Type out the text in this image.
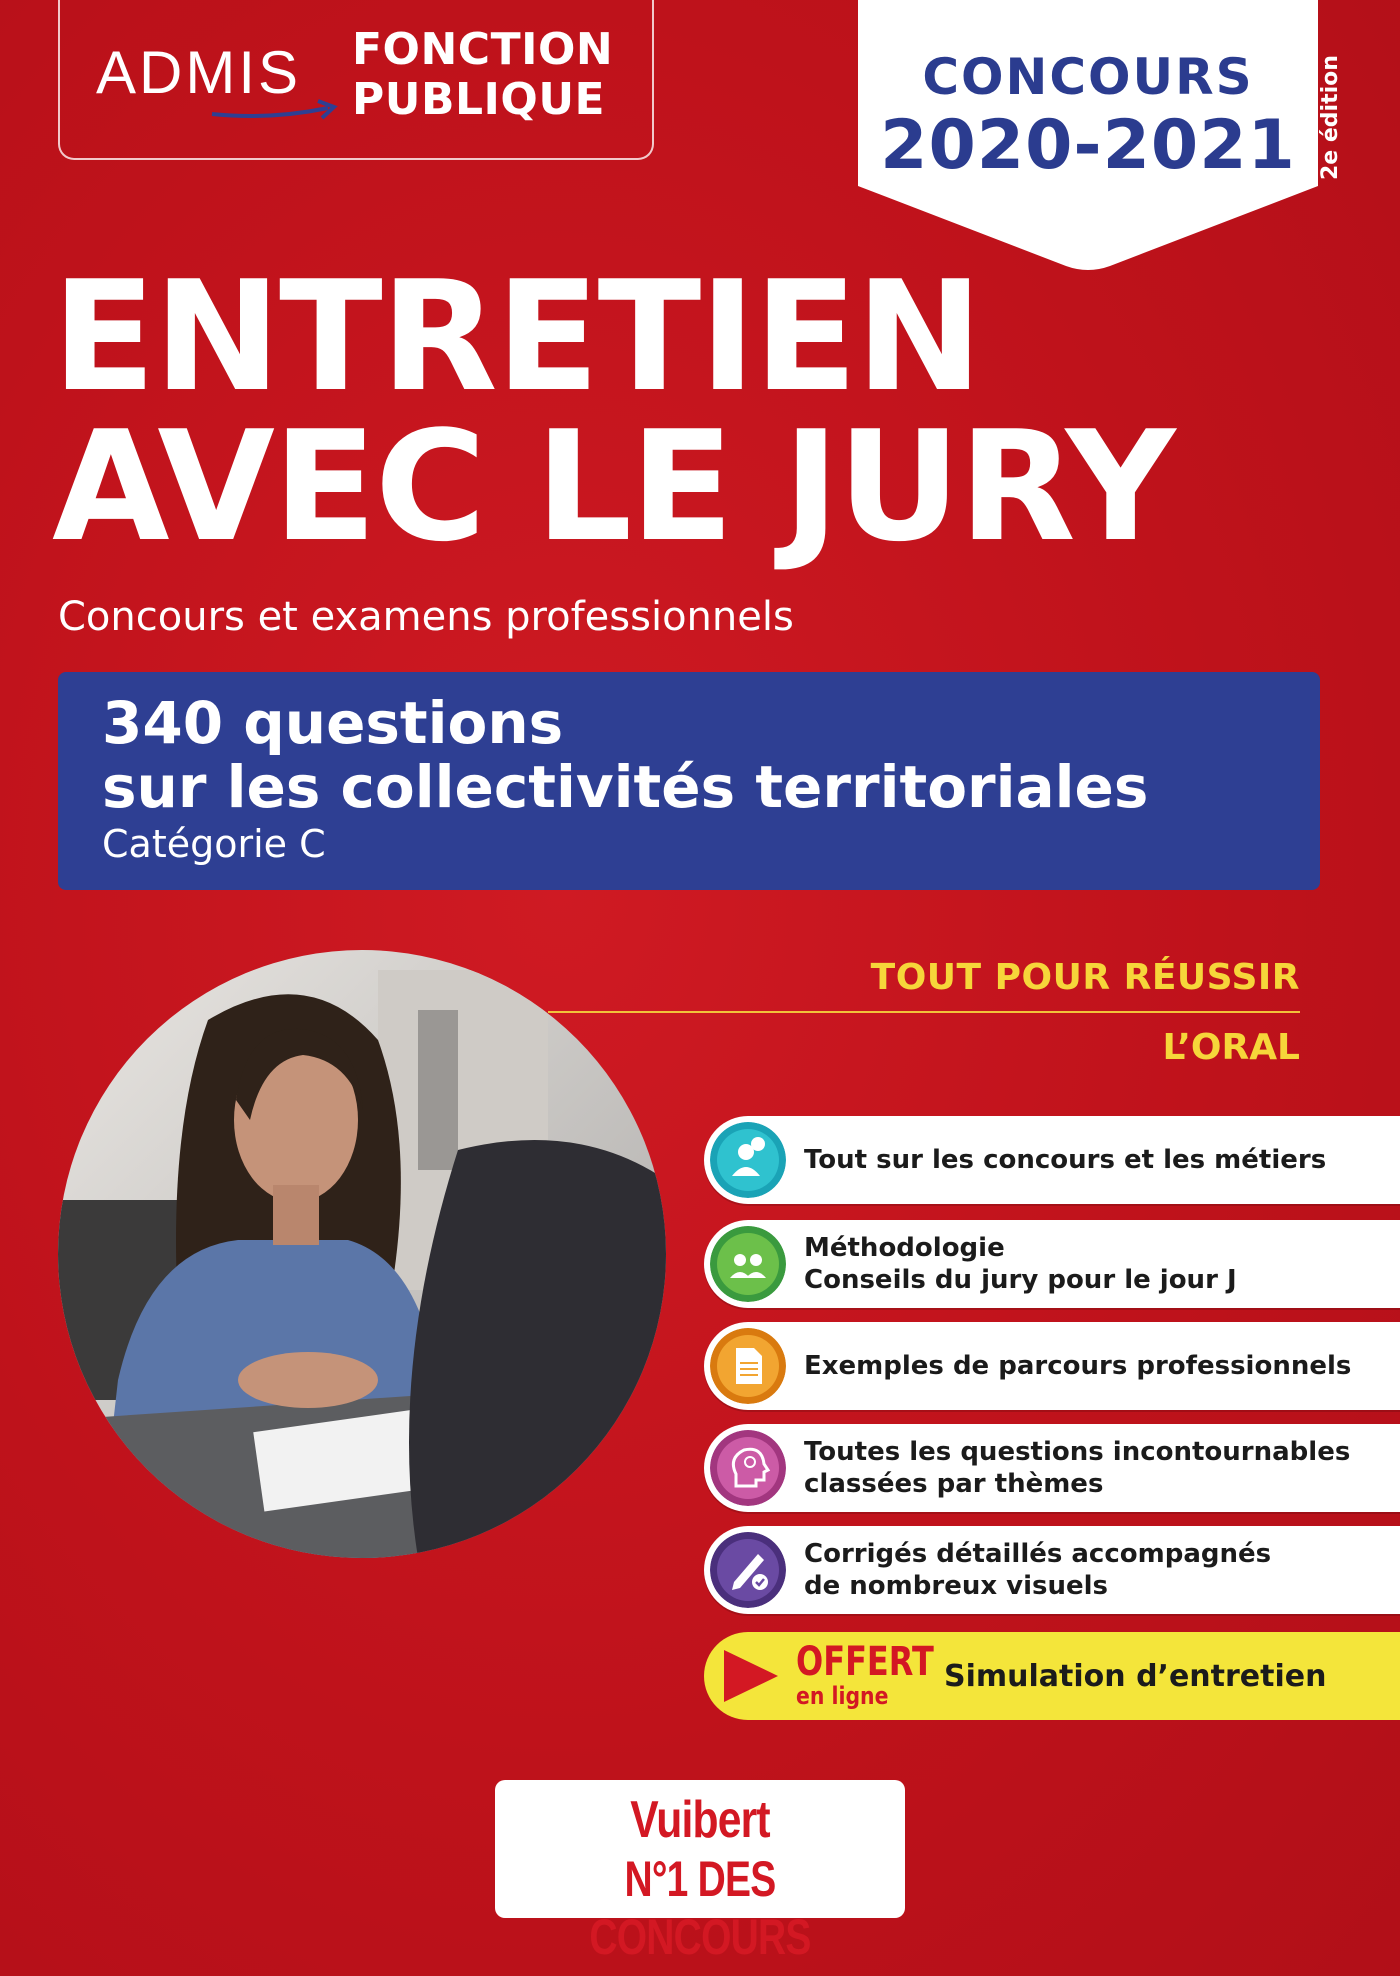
ADMIS FONCTION
PUBLIQUE	CONCOURS
2020-2021	2e édition
ENTRETIEN
AVEC LE JURY

Concours et examens professionnels

340 questions
sur les collectivités territoriales
Catégorie C
TOUT POUR RÉUSSIR
L’ORAL
Tout sur les concours et les métiers
Méthodologie
Conseils du jury pour le jour J
Exemples de parcours professionnels
Toutes les questions incontournables
classées par thèmes
Corrigés détaillés accompagnés
de nombreux visuels
OFFERT
en ligne
Simulation d’entretien
Vuibert
N°1 DES CONCOURS
